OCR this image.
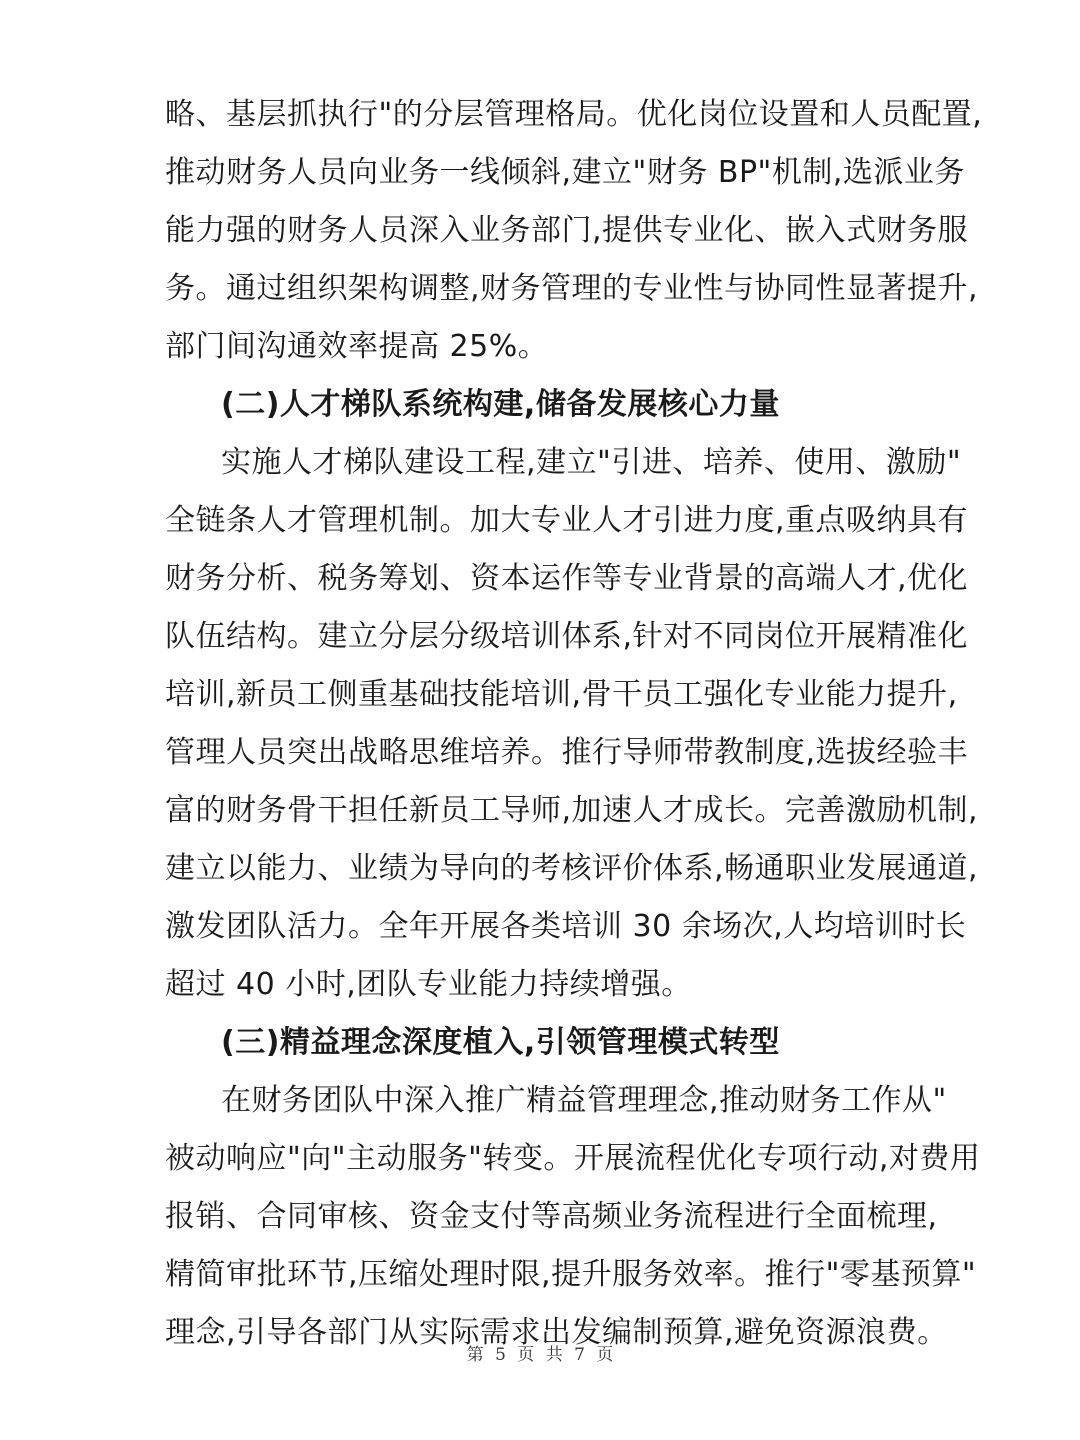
略、基层抓执行"的分层管理格局。优化岗位设置和人员配置,
推动财务人员向业务一线倾斜,建立"财务 BP"机制,选派业务
能力强的财务人员深入业务部门,提供专业化、嵌入式财务服
务。通过组织架构调整,财务管理的专业性与协同性显著提升,
部门间沟通效率提高 25%。
(二)人才梯队系统构建,储备发展核心力量
实施人才梯队建设工程,建立"引进、培养、使用、激励"
全链条人才管理机制。加大专业人才引进力度,重点吸纳具有
财务分析、税务筹划、资本运作等专业背景的高端人才,优化
队伍结构。建立分层分级培训体系,针对不同岗位开展精准化
培训,新员工侧重基础技能培训,骨干员工强化专业能力提升,
管理人员突出战略思维培养。推行导师带教制度,选拔经验丰
富的财务骨干担任新员工导师,加速人才成长。完善激励机制,
建立以能力、业绩为导向的考核评价体系,畅通职业发展通道,
激发团队活力。全年开展各类培训 30 余场次,人均培训时长
超过 40 小时,团队专业能力持续增强。
(三)精益理念深度植入,引领管理模式转型
在财务团队中深入推广精益管理理念,推动财务工作从"
被动响应"向"主动服务"转变。开展流程优化专项行动,对费用
报销、合同审核、资金支付等高频业务流程进行全面梳理,
精简审批环节,压缩处理时限,提升服务效率。推行"零基预算"
理念,引导各部门从实际需求出发编制预算,避免资源浪费。
第 5 页 共 7 页
